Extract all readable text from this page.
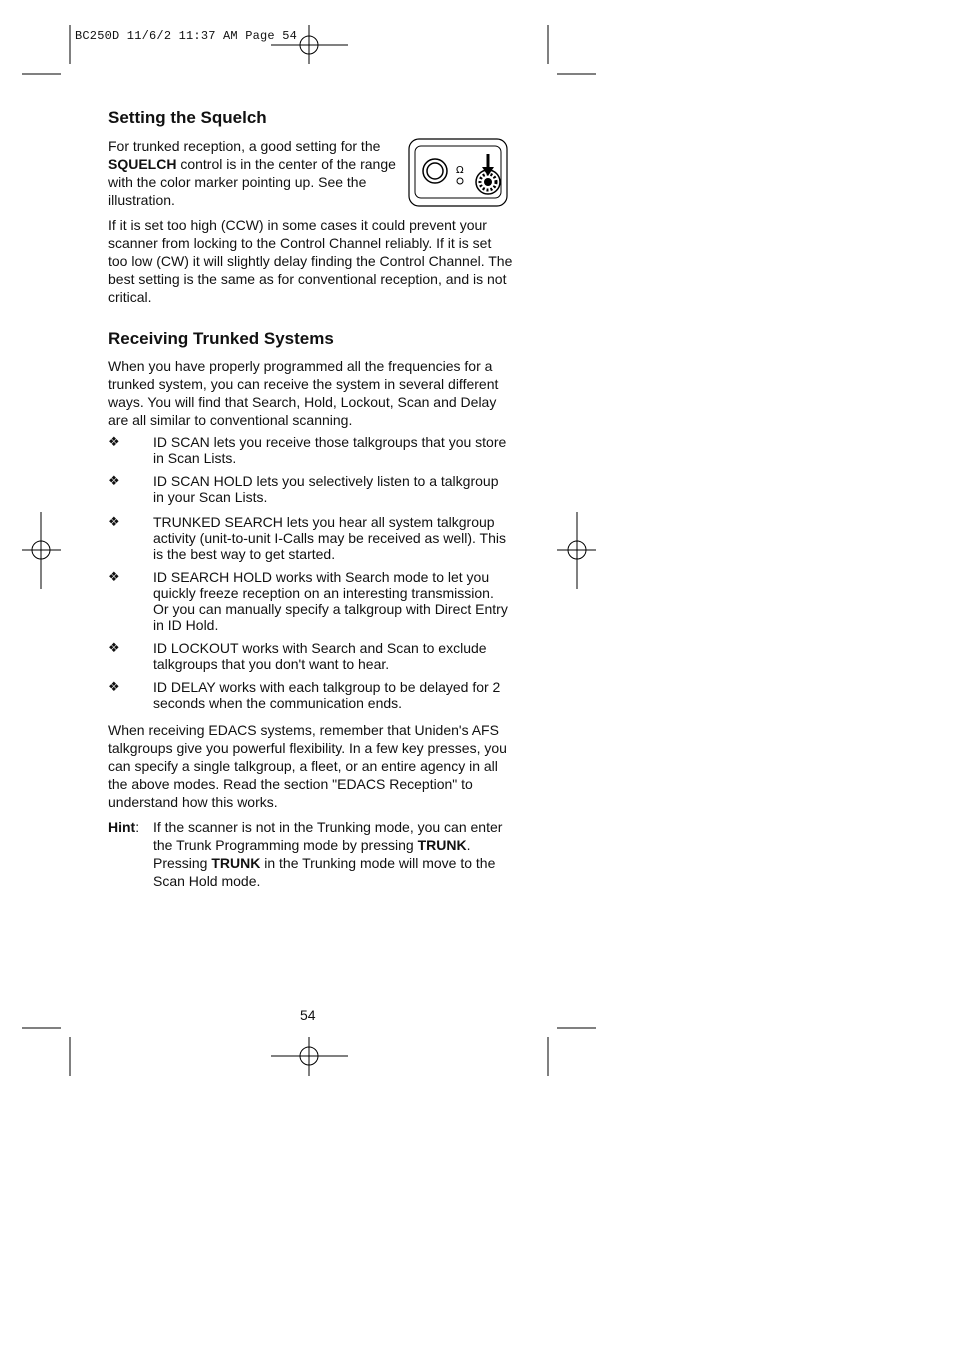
BC250D 11/6/2 11:37 AM Page 54
Setting the Squelch

For trunked reception, a good setting for the SQUELCH control is in the center of the range with the color marker pointing up. See the illustration.

Ω

If it is set too high (CCW) in some cases it could prevent your scanner from locking to the Control Channel reliably. If it is set too low (CW) it will slightly delay finding the Control Channel. The best setting is the same as for conventional reception, and is not critical.

Receiving Trunked Systems

When you have properly programmed all the frequencies for a trunked system, you can receive the system in several different ways. You will find that Search, Hold, Lockout, Scan and Delay are all similar to conventional scanning.

❖ ID SCAN lets you receive those talkgroups that you store in Scan Lists.

❖ ID SCAN HOLD lets you selectively listen to a talkgroup in your Scan Lists.

❖ TRUNKED SEARCH lets you hear all system talkgroup activity (unit-to-unit I-Calls may be received as well). This is the best way to get started.

❖ ID SEARCH HOLD works with Search mode to let you quickly freeze reception on an interesting transmission. Or you can manually specify a talkgroup with Direct Entry in ID Hold.

❖ ID LOCKOUT works with Search and Scan to exclude talkgroups that you don't want to hear.

❖ ID DELAY works with each talkgroup to be delayed for 2 seconds when the communication ends.

When receiving EDACS systems, remember that Uniden's AFS talkgroups give you powerful flexibility. In a few key presses, you can specify a single talkgroup, a fleet, or an entire agency in all the above modes. Read the section "EDACS Reception" to understand how this works.

Hint: If the scanner is not in the Trunking mode, you can enter the Trunk Programming mode by pressing TRUNK. Pressing TRUNK in the Trunking mode will move to the Scan Hold mode.

54
